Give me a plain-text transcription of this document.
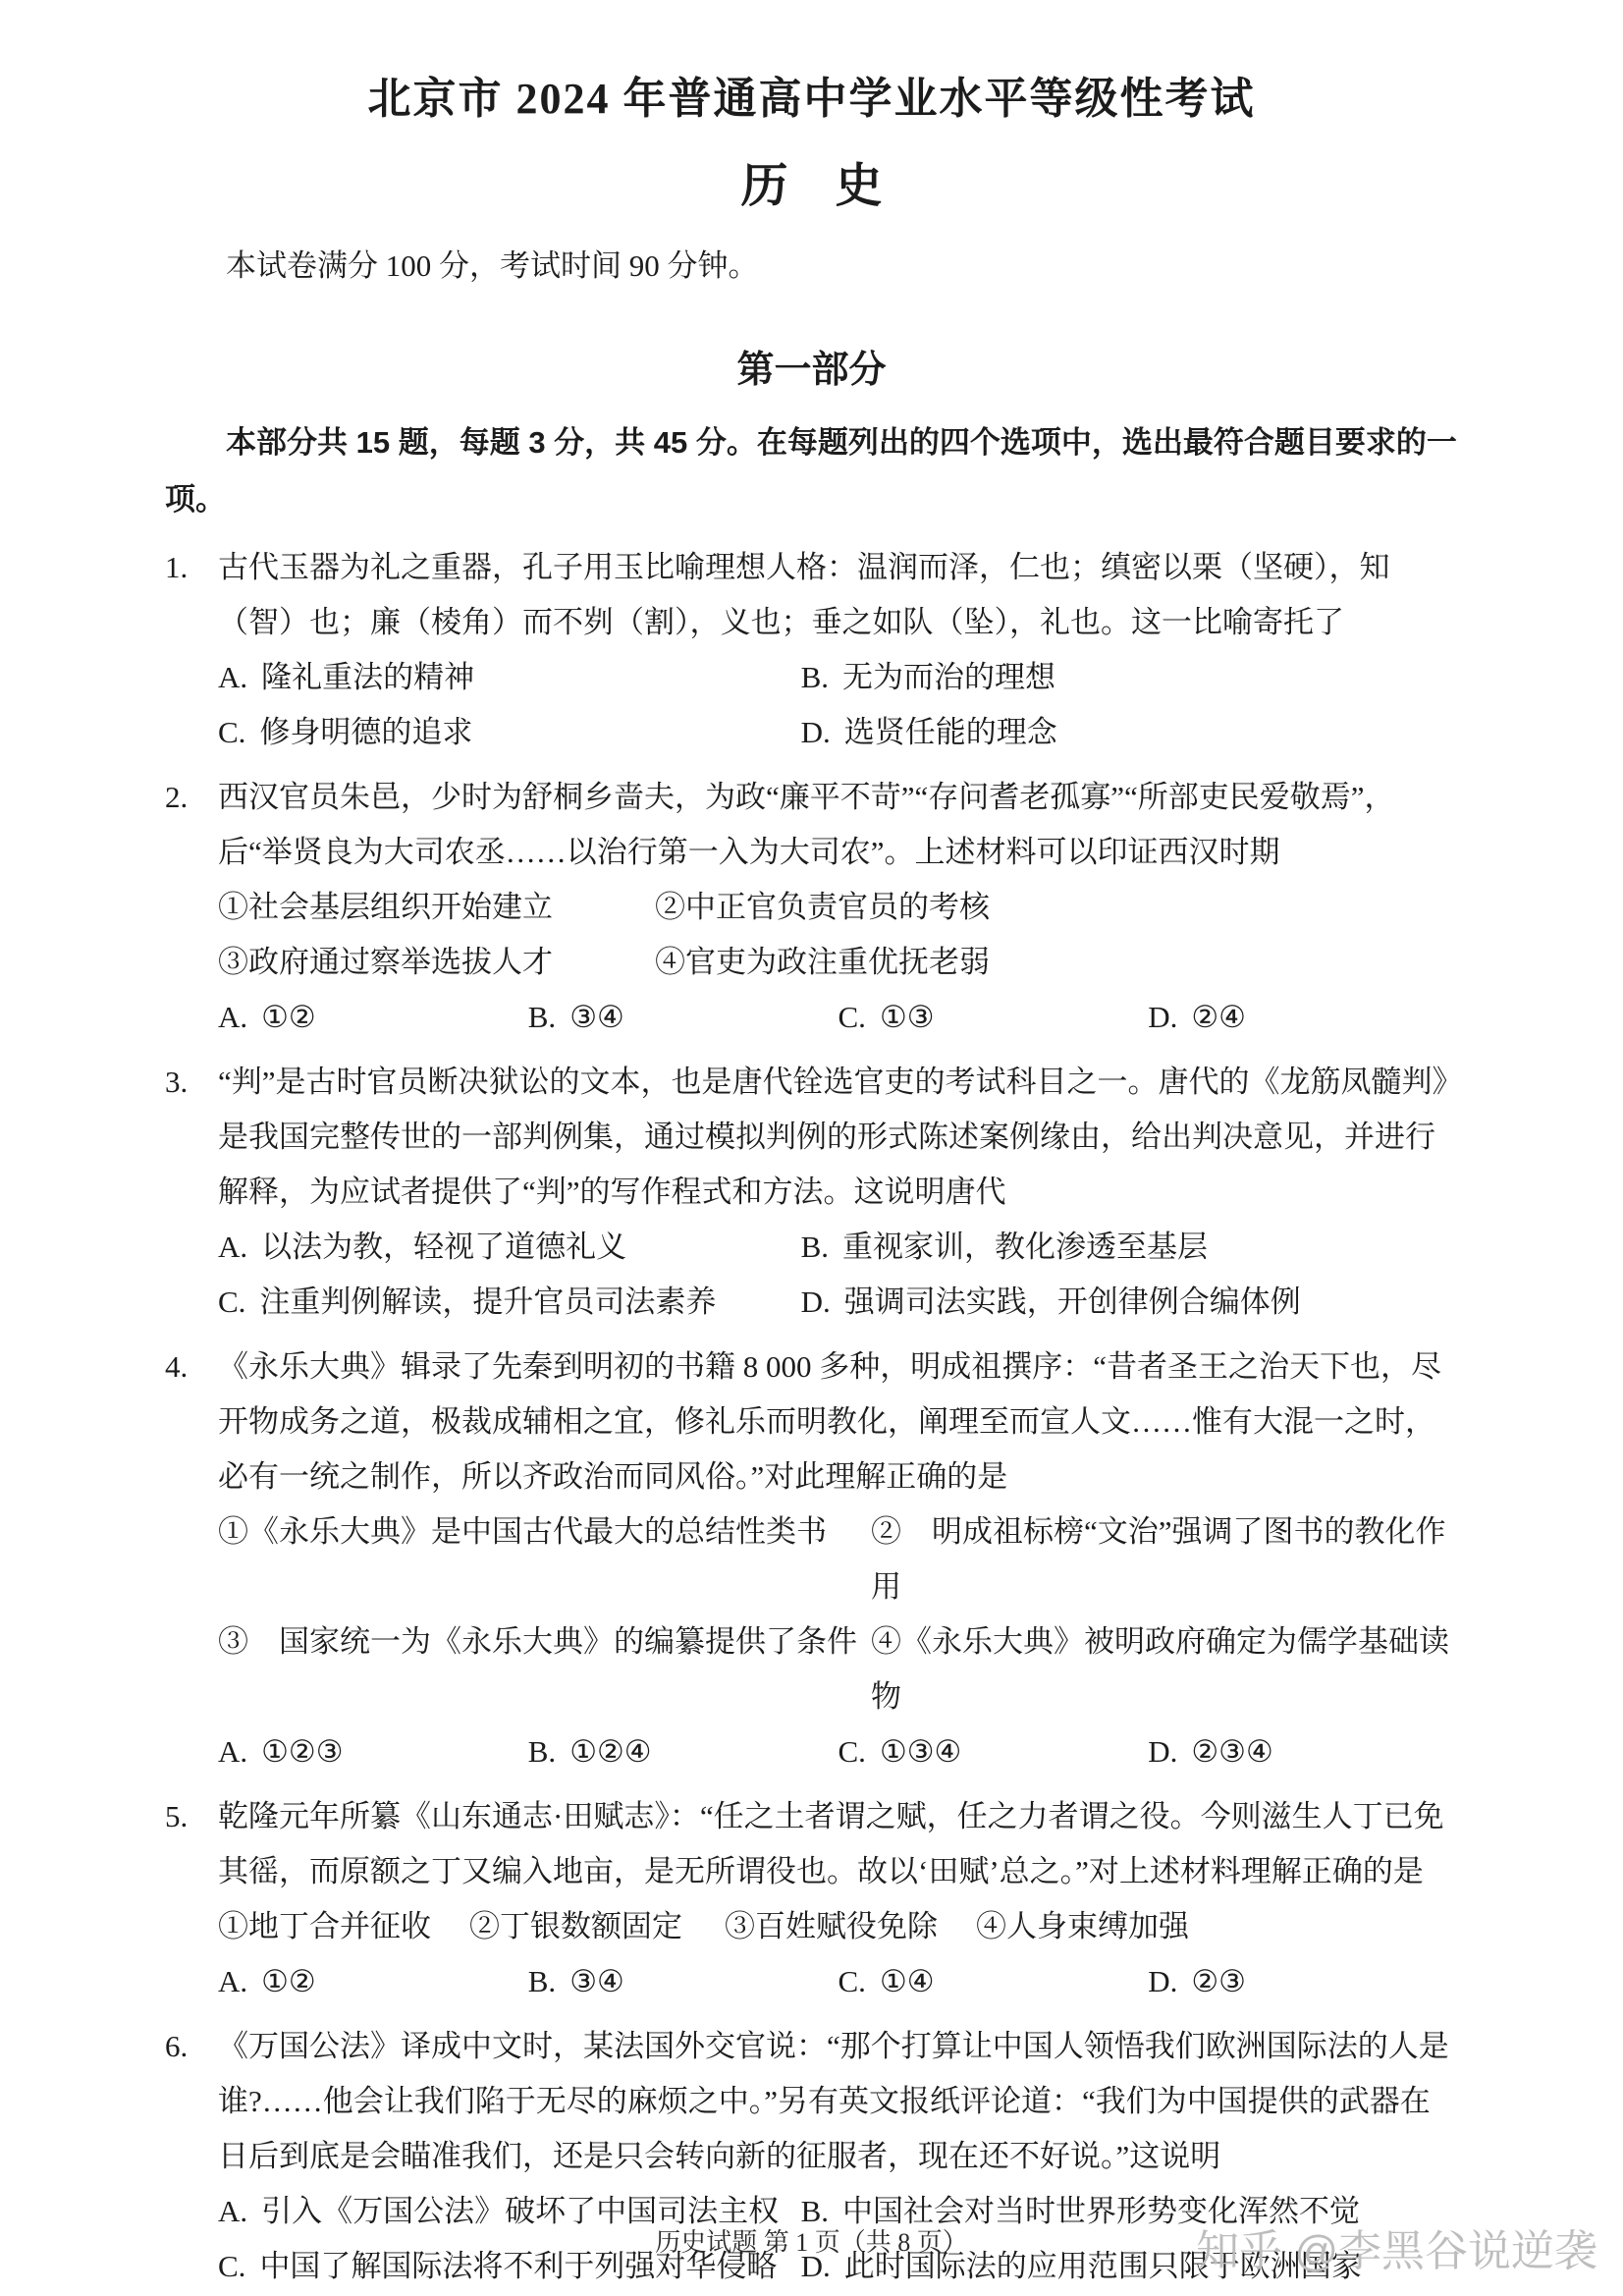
北京市 2024 年普通高中学业水平等级性考试
历　史

本试卷满分 100 分，考试时间 90 分钟。

第一部分

本部分共 15 题，每题 3 分，共 45 分。在每题列出的四个选项中，选出最符合题目要求的一项。

1. 古代玉器为礼之重器，孔子用玉比喻理想人格：温润而泽，仁也；缜密以栗（坚硬），知（智）也；廉（棱角）而不刿（割），义也；垂之如队（坠），礼也。这一比喻寄托了

A. 隆礼重法的精神	B. 无为而治的理想
C. 修身明德的追求	D. 选贤任能的理念

2. 西汉官员朱邑，少时为舒桐乡啬夫，为政“廉平不苛”“存问耆老孤寡”“所部吏民爱敬焉”，后“举贤良为大司农丞……以治行第一入为大司农”。上述材料可以印证西汉时期

①社会基层组织开始建立	②中正官负责官员的考核
③政府通过察举选拔人才	④官吏为政注重优抚老弱
A. ①②	B. ③④	C. ①③	D. ②④

3. “判”是古时官员断决狱讼的文本，也是唐代铨选官吏的考试科目之一。唐代的《龙筋凤髓判》是我国完整传世的一部判例集，通过模拟判例的形式陈述案例缘由，给出判决意见，并进行解释，为应试者提供了“判”的写作程式和方法。这说明唐代

A. 以法为教，轻视了道德礼义	B. 重视家训，教化渗透至基层
C. 注重判例解读，提升官员司法素养	D. 强调司法实践，开创律例合编体例

4. 《永乐大典》辑录了先秦到明初的书籍 8 000 多种，明成祖撰序：“昔者圣王之治天下也，尽开物成务之道，极裁成辅相之宜，修礼乐而明教化，阐理至而宣人文……惟有大混一之时，必有一统之制作，所以齐政治而同风俗。”对此理解正确的是

①《永乐大典》是中国古代最大的总结性类书	②　明成祖标榜“文治”强调了图书的教化作用
③　国家统一为《永乐大典》的编纂提供了条件 ④《永乐大典》被明政府确定为儒学基础读物
A. ①②③	B. ①②④	C. ①③④	D. ②③④

5. 乾隆元年所纂《山东通志·田赋志》：“任之土者谓之赋，任之力者谓之役。今则滋生人丁已免其徭，而原额之丁又编入地亩，是无所谓役也。故以‘田赋’总之。”对上述材料理解正确的是

①地丁合并征收	②丁银数额固定	③百姓赋役免除	④人身束缚加强
A. ①②	B. ③④	C. ①④	D. ②③

6. 《万国公法》译成中文时，某法国外交官说：“那个打算让中国人领悟我们欧洲国际法的人是谁?……他会让我们陷于无尽的麻烦之中。”另有英文报纸评论道：“我们为中国提供的武器在日后到底是会瞄准我们，还是只会转向新的征服者，现在还不好说。”这说明

A. 引入《万国公法》破坏了中国司法主权 B. 中国社会对当时世界形势变化浑然不觉
C. 中国了解国际法将不利于列强对华侵略 D. 此时国际法的应用范围只限于欧洲国家
历史试题 第 1 页（共 8 页）	知乎 @李黑谷说逆袭
